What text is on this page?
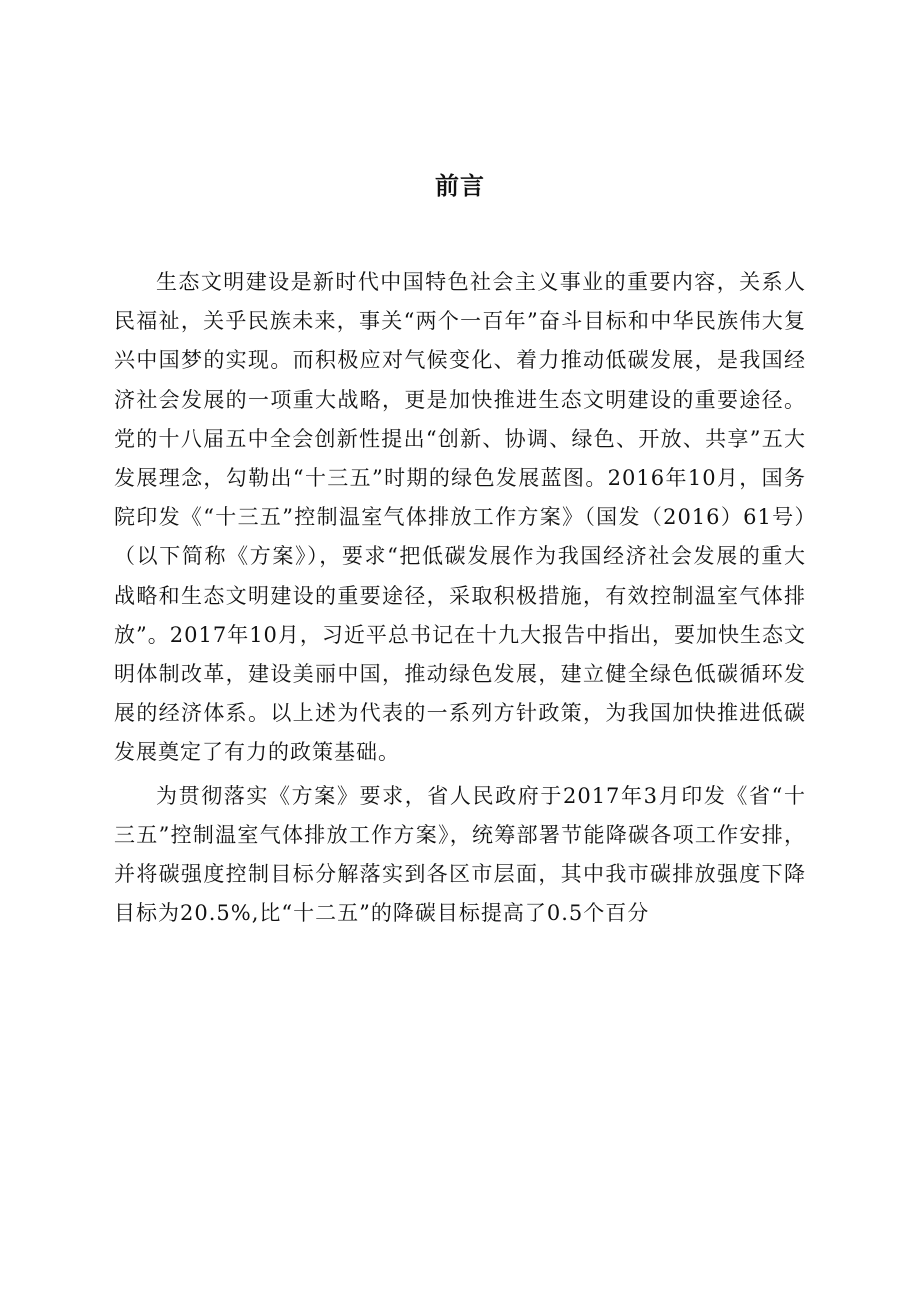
前言

生态文明建设是新时代中国特色社会主义事业的重要内容，关系人民福祉，关乎民族未来，事关“两个一百年”奋斗目标和中华民族伟大复兴中国梦的实现。而积极应对气候变化、着力推动低碳发展，是我国经济社会发展的一项重大战略，更是加快推进生态文明建设的重要途径。党的十八届五中全会创新性提出“创新、协调、绿色、开放、共享”五大发展理念，勾勒出“十三五”时期的绿色发展蓝图。2016年10月，国务院印发《“十三五”控制温室气体排放工作方案》（国发（2016）61号）（以下简称《方案》），要求“把低碳发展作为我国经济社会发展的重大战略和生态文明建设的重要途径，采取积极措施，有效控制温室气体排放”。2017年10月，习近平总书记在十九大报告中指出，要加快生态文明体制改革，建设美丽中国，推动绿色发展，建立健全绿色低碳循环发展的经济体系。以上述为代表的一系列方针政策，为我国加快推进低碳发展奠定了有力的政策基础。

为贯彻落实《方案》要求，省人民政府于2017年3月印发《省“十三五”控制温室气体排放工作方案》，统筹部署节能降碳各项工作安排，并将碳强度控制目标分解落实到各区市层面，其中我市碳排放强度下降目标为20.5%,比“十二五”的降碳目标提高了0.5个百分
